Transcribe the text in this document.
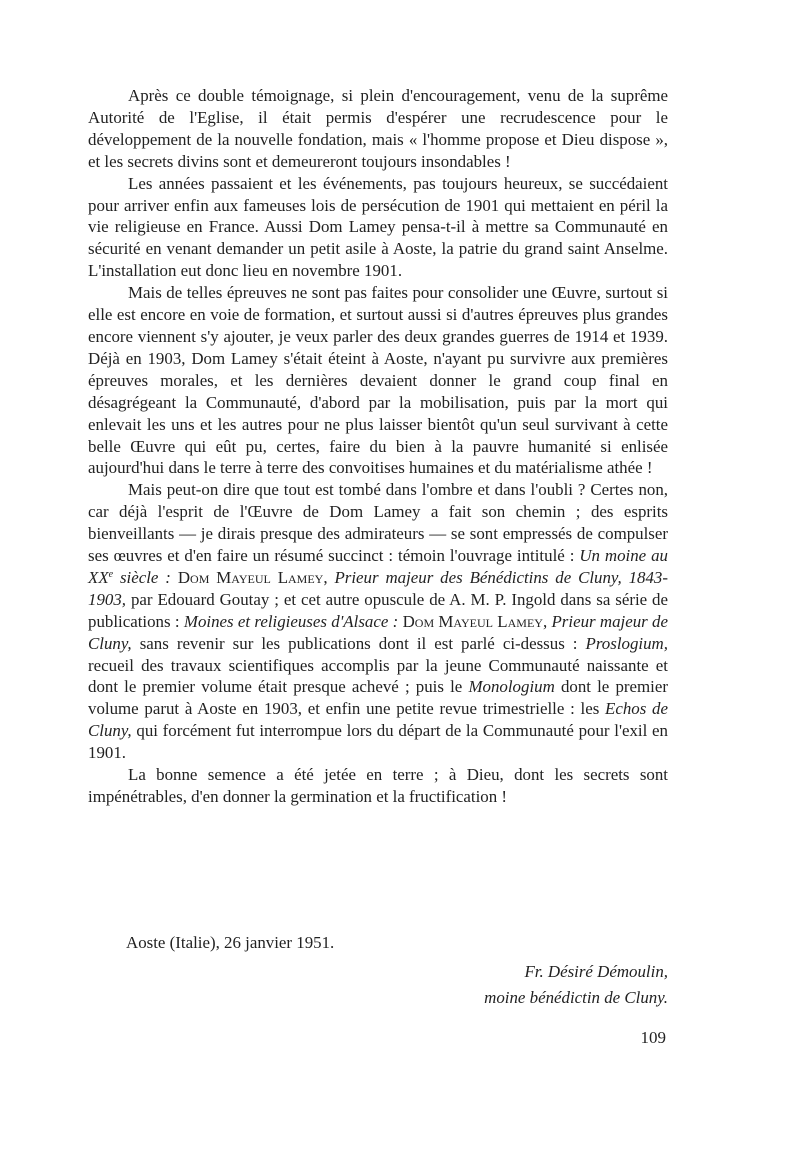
Après ce double témoignage, si plein d'encouragement, venu de la suprême Autorité de l'Eglise, il était permis d'espérer une recrudescence pour le développement de la nouvelle fondation, mais « l'homme propose et Dieu dispose », et les secrets divins sont et demeureront toujours insondables !

Les années passaient et les événements, pas toujours heureux, se succédaient pour arriver enfin aux fameuses lois de persécution de 1901 qui mettaient en péril la vie religieuse en France. Aussi Dom Lamey pensa-t-il à mettre sa Communauté en sécurité en venant demander un petit asile à Aoste, la patrie du grand saint Anselme. L'installation eut donc lieu en novembre 1901.

Mais de telles épreuves ne sont pas faites pour consolider une Œuvre, surtout si elle est encore en voie de formation, et surtout aussi si d'autres épreuves plus grandes encore viennent s'y ajouter, je veux parler des deux grandes guerres de 1914 et 1939. Déjà en 1903, Dom Lamey s'était éteint à Aoste, n'ayant pu survivre aux premières épreuves morales, et les dernières devaient donner le grand coup final en désagrégeant la Communauté, d'abord par la mobilisation, puis par la mort qui enlevait les uns et les autres pour ne plus laisser bientôt qu'un seul survivant à cette belle Œuvre qui eût pu, certes, faire du bien à la pauvre humanité si enlisée aujourd'hui dans le terre à terre des convoitises humaines et du matérialisme athée !

Mais peut-on dire que tout est tombé dans l'ombre et dans l'oubli ? Certes non, car déjà l'esprit de l'Œuvre de Dom Lamey a fait son chemin ; des esprits bienveillants — je dirais presque des admirateurs — se sont empressés de compulser ses œuvres et d'en faire un résumé succinct : témoin l'ouvrage intitulé : Un moine au XXe siècle : Dom Mayeul Lamey, Prieur majeur des Bénédictins de Cluny, 1843-1903, par Edouard Goutay ; et cet autre opuscule de A. M. P. Ingold dans sa série de publications : Moines et religieuses d'Alsace : Dom Mayeul Lamey, Prieur majeur de Cluny, sans revenir sur les publications dont il est parlé ci-dessus : Proslogium, recueil des travaux scientifiques accomplis par la jeune Communauté naissante et dont le premier volume était presque achevé ; puis le Monologium dont le premier volume parut à Aoste en 1903, et enfin une petite revue trimestrielle : les Echos de Cluny, qui forcément fut interrompue lors du départ de la Communauté pour l'exil en 1901.

La bonne semence a été jetée en terre ; à Dieu, dont les secrets sont impénétrables, d'en donner la germination et la fructification !

Aoste (Italie), 26 janvier 1951.
Fr. Désiré Démoulin,
moine bénédictin de Cluny.
109
